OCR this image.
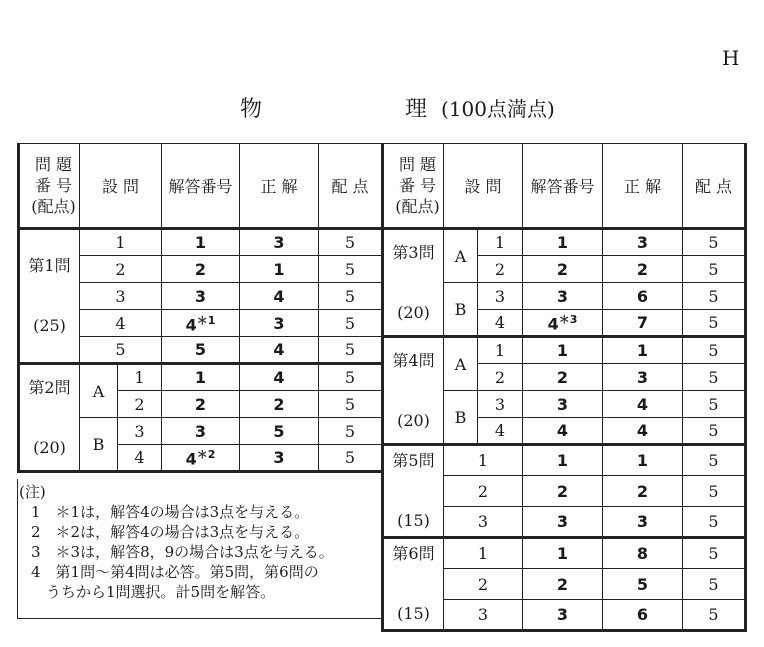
H
物	理 (100点満点)
問 題
番 号
(配点)	設 問		解答番号	正 解	配 点

第1問

(25)	1		1	3	5
	2		2	1	5
	3		3	4	5
	4		$4^{*1}$	3	5
	5		5	4	5

第2問

(20)	A	1	1	4	5
		2	2	2	5
	B	3	3	5	5
		4	$4^{*2}$	3	5
(注)
1　＊1は，解答4の場合は3点を与える。
2　＊2は，解答4の場合は3点を与える。
3　＊3は，解答8，9の場合は3点を与える。
4　第1問〜第4問は必答。第5問，第6問の
　うちから1問選択。計5問を解答。
問 題
番 号
(配点)	設 問		解答番号	正 解	配 点

第3問

(20)	A	1	1	3	5
		2	2	2	5
	B	3	3	6	5
		4	$4^{*3}$	7	5

第4問

(20)	A	1	1	1	5
		2	2	3	5
	B	3	3	4	5
		4	4	4	5

第5問

(15)	1		1	1	5
	2		2	2	5
	3		3	3	5

第6問

(15)	1		1	8	5
	2		2	5	5
	3		3	6	5
